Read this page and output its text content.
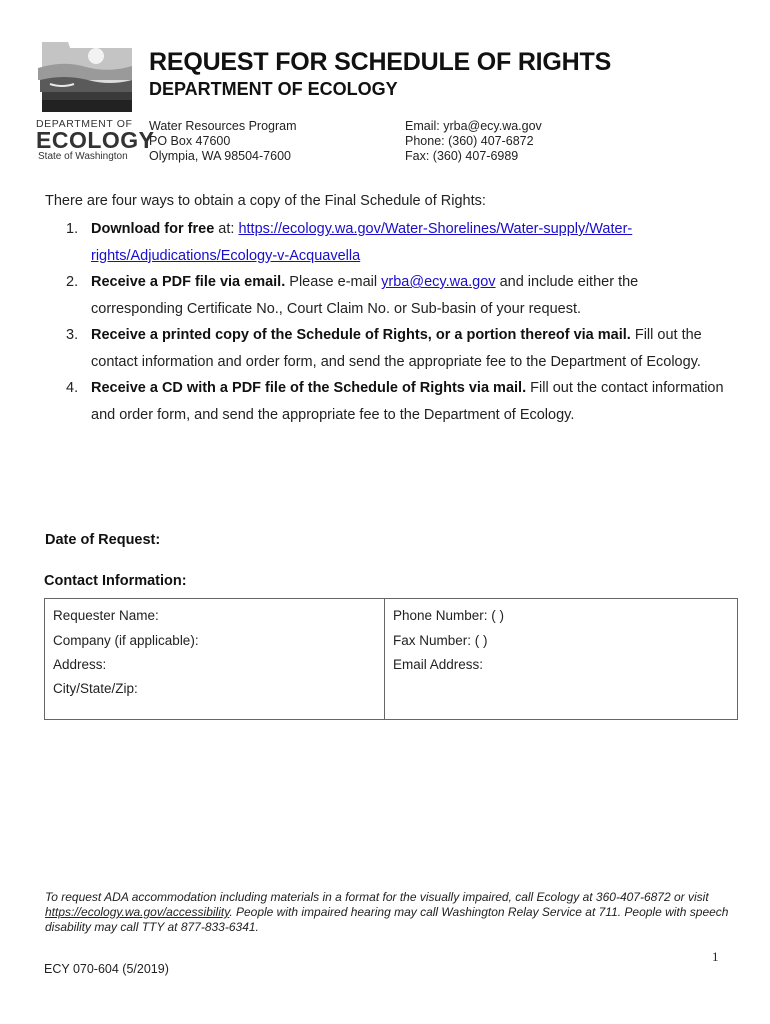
DEPARTMENT OF
ECOLOGY
State of Washington
REQUEST FOR SCHEDULE OF RIGHTS
DEPARTMENT OF ECOLOGY
Water Resources Program
PO Box 47600
Olympia, WA 98504-7600
Email: yrba@ecy.wa.gov
Phone: (360) 407-6872
Fax: (360) 407-6989
There are four ways to obtain a copy of the Final Schedule of Rights:
1. Download for free at: https://ecology.wa.gov/Water-Shorelines/Water-supply/Water-rights/Adjudications/Ecology-v-Acquavella
2. Receive a PDF file via email. Please e-mail yrba@ecy.wa.gov and include either the corresponding Certificate No., Court Claim No. or Sub-basin of your request.
3. Receive a printed copy of the Schedule of Rights, or a portion thereof via mail. Fill out the contact information and order form, and send the appropriate fee to the Department of Ecology.
4. Receive a CD with a PDF file of the Schedule of Rights via mail. Fill out the contact information and order form, and send the appropriate fee to the Department of Ecology.
Date of Request:
Contact Information:
Requester Name:
Company (if applicable):
Address:
City/State/Zip:
Phone Number: ( )
Fax Number: ( )
Email Address:
To request ADA accommodation including materials in a format for the visually impaired, call Ecology at 360-407-6872 or visit https://ecology.wa.gov/accessibility. People with impaired hearing may call Washington Relay Service at 711. People with speech disability may call TTY at 877-833-6341.
1
ECY 070-604 (5/2019)
